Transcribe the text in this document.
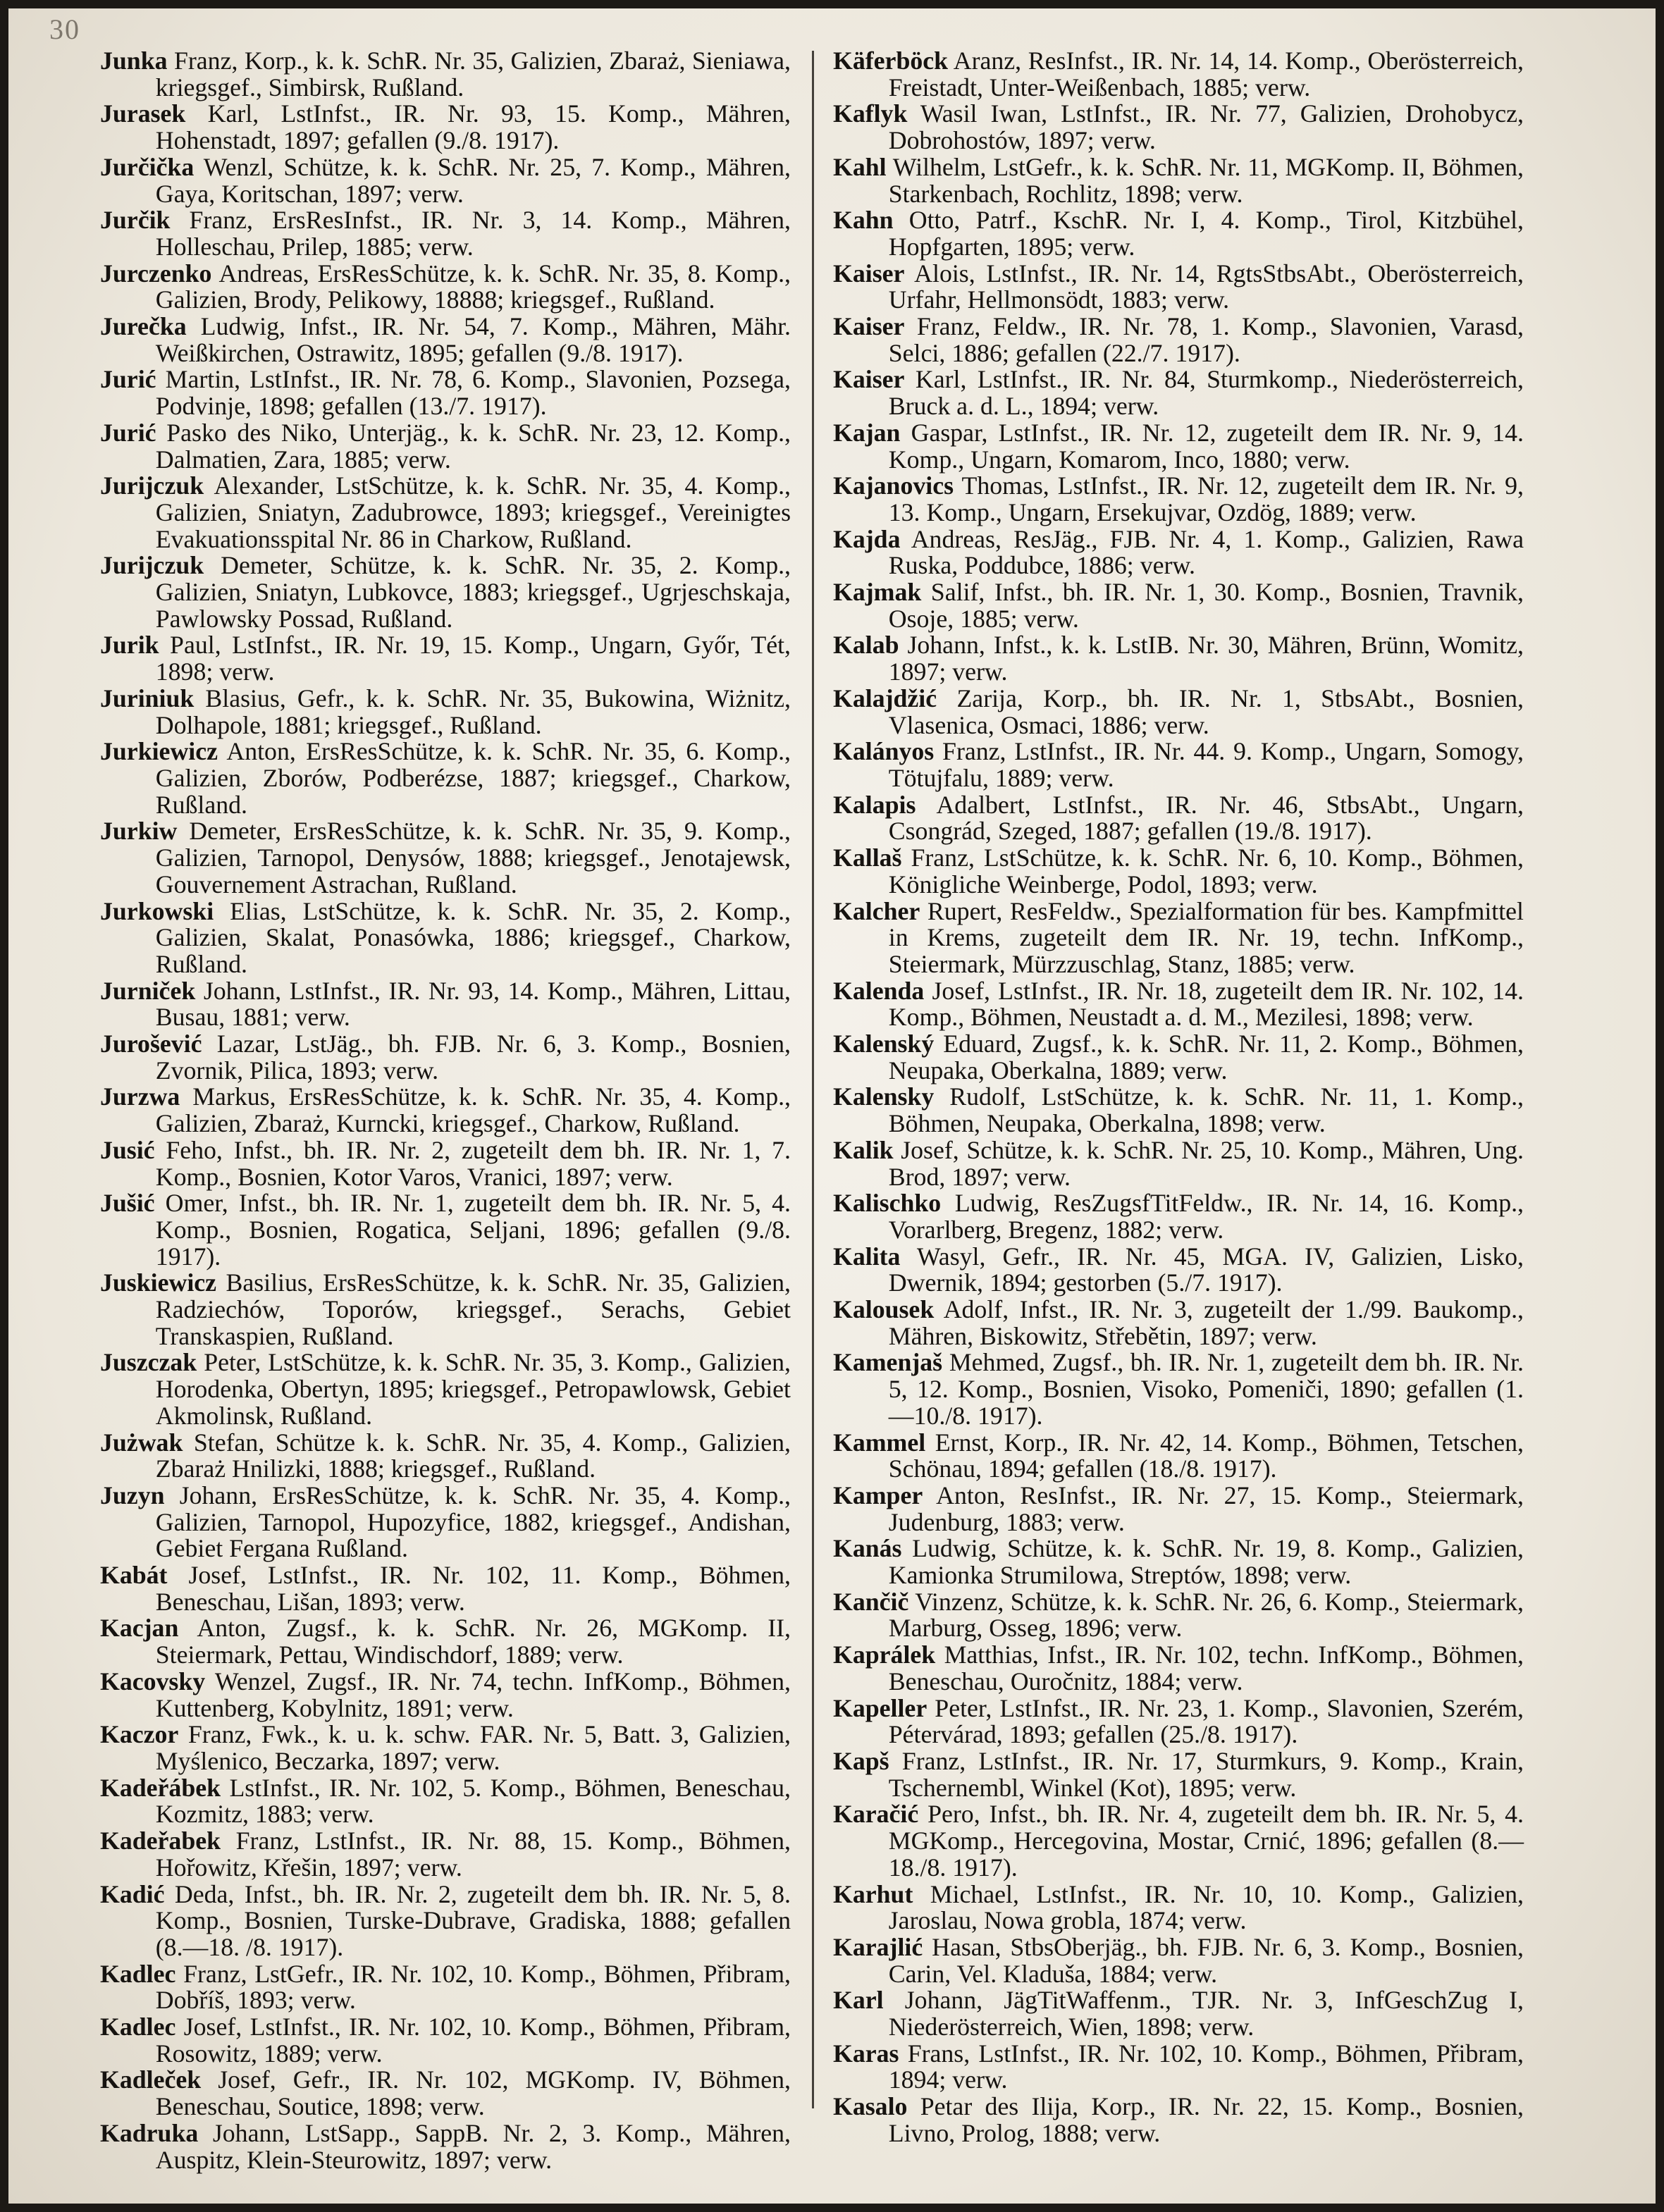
30

Junka Franz, Korp., k. k. SchR. Nr. 35, Galizien, Zbaraż, Sieniawa, kriegsgef., Simbirsk, Rußland.

Jurasek Karl, LstInfst., IR. Nr. 93, 15. Komp., Mähren, Hohenstadt, 1897; gefallen (9./8. 1917).

Jurčička Wenzl, Schütze, k. k. SchR. Nr. 25, 7. Komp., Mähren, Gaya, Koritschan, 1897; verw.

Jurčik Franz, ErsResInfst., IR. Nr. 3, 14. Komp., Mähren, Holleschau, Prilep, 1885; verw.

Jurczenko Andreas, ErsResSchütze, k. k. SchR. Nr. 35, 8. Komp., Galizien, Brody, Pelikowy, 18888; kriegsgef., Rußland.

Jurečka Ludwig, Infst., IR. Nr. 54, 7. Komp., Mähren, Mähr. Weißkirchen, Ostrawitz, 1895; gefallen (9./8. 1917).

Jurić Martin, LstInfst., IR. Nr. 78, 6. Komp., Slavonien, Pozsega, Podvinje, 1898; gefallen (13./7. 1917).

Jurić Pasko des Niko, Unterjäg., k. k. SchR. Nr. 23, 12. Komp., Dalmatien, Zara, 1885; verw.

Jurijczuk Alexander, LstSchütze, k. k. SchR. Nr. 35, 4. Komp., Galizien, Sniatyn, Zadubrowce, 1893; kriegsgef., Vereinigtes Evakuationsspital Nr. 86 in Charkow, Rußland.

Jurijczuk Demeter, Schütze, k. k. SchR. Nr. 35, 2. Komp., Galizien, Sniatyn, Lubkovce, 1883; kriegsgef., Ugrjeschskaja, Pawlowsky Possad, Rußland.

Jurik Paul, LstInfst., IR. Nr. 19, 15. Komp., Ungarn, Győr, Tét, 1898; verw.

Juriniuk Blasius, Gefr., k. k. SchR. Nr. 35, Bukowina, Wiżnitz, Dolhapole, 1881; kriegsgef., Rußland.

Jurkiewicz Anton, ErsResSchütze, k. k. SchR. Nr. 35, 6. Komp., Galizien, Zborów, Podberézse, 1887; kriegsgef., Charkow, Rußland.

Jurkiw Demeter, ErsResSchütze, k. k. SchR. Nr. 35, 9. Komp., Galizien, Tarnopol, Denysów, 1888; kriegsgef., Jenotajewsk, Gouvernement Astrachan, Rußland.

Jurkowski Elias, LstSchütze, k. k. SchR. Nr. 35, 2. Komp., Galizien, Skalat, Ponasówka, 1886; kriegsgef., Charkow, Rußland.

Jurniček Johann, LstInfst., IR. Nr. 93, 14. Komp., Mähren, Littau, Busau, 1881; verw.

Jurošević Lazar, LstJäg., bh. FJB. Nr. 6, 3. Komp., Bosnien, Zvornik, Pilica, 1893; verw.

Jurzwa Markus, ErsResSchütze, k. k. SchR. Nr. 35, 4. Komp., Galizien, Zbaraż, Kurncki, kriegsgef., Charkow, Rußland.

Jusić Feho, Infst., bh. IR. Nr. 2, zugeteilt dem bh. IR. Nr. 1, 7. Komp., Bosnien, Kotor Varos, Vranici, 1897; verw.

Jušić Omer, Infst., bh. IR. Nr. 1, zugeteilt dem bh. IR. Nr. 5, 4. Komp., Bosnien, Rogatica, Seljani, 1896; gefallen (9./8. 1917).

Juskiewicz Basilius, ErsResSchütze, k. k. SchR. Nr. 35, Galizien, Radziechów, Toporów, kriegsgef., Serachs, Gebiet Transkaspien, Rußland.

Juszczak Peter, LstSchütze, k. k. SchR. Nr. 35, 3. Komp., Galizien, Horodenka, Obertyn, 1895; kriegsgef., Petropawlowsk, Gebiet Akmolinsk, Rußland.

Jużwak Stefan, Schütze k. k. SchR. Nr. 35, 4. Komp., Galizien, Zbaraż Hnilizki, 1888; kriegsgef., Rußland.

Juzyn Johann, ErsResSchütze, k. k. SchR. Nr. 35, 4. Komp., Galizien, Tarnopol, Hupozyfice, 1882, kriegsgef., Andishan, Gebiet Fergana Rußland.

Kabát Josef, LstInfst., IR. Nr. 102, 11. Komp., Böhmen, Beneschau, Lišan, 1893; verw.

Kacjan Anton, Zugsf., k. k. SchR. Nr. 26, MGKomp. II, Steiermark, Pettau, Windischdorf, 1889; verw.

Kacovsky Wenzel, Zugsf., IR. Nr. 74, techn. InfKomp., Böhmen, Kuttenberg, Kobylnitz, 1891; verw.

Kaczor Franz, Fwk., k. u. k. schw. FAR. Nr. 5, Batt. 3, Galizien, Myślenico, Beczarka, 1897; verw.

Kadeřábek LstInfst., IR. Nr. 102, 5. Komp., Böhmen, Beneschau, Kozmitz, 1883; verw.

Kadeřabek Franz, LstInfst., IR. Nr. 88, 15. Komp., Böhmen, Hořowitz, Křešin, 1897; verw.

Kadić Deda, Infst., bh. IR. Nr. 2, zugeteilt dem bh. IR. Nr. 5, 8. Komp., Bosnien, Turske-Dubrave, Gradiska, 1888; gefallen (8.—18. /8. 1917).

Kadlec Franz, LstGefr., IR. Nr. 102, 10. Komp., Böhmen, Přibram, Dobříš, 1893; verw.

Kadlec Josef, LstInfst., IR. Nr. 102, 10. Komp., Böhmen, Přibram, Rosowitz, 1889; verw.

Kadleček Josef, Gefr., IR. Nr. 102, MGKomp. IV, Böhmen, Beneschau, Soutice, 1898; verw.

Kadruka Johann, LstSapp., SappB. Nr. 2, 3. Komp., Mähren, Auspitz, Klein-Steurowitz, 1897; verw.

Käferböck Aranz, ResInfst., IR. Nr. 14, 14. Komp., Oberösterreich, Freistadt, Unter-Weißenbach, 1885; verw.

Kaflyk Wasil Iwan, LstInfst., IR. Nr. 77, Galizien, Drohobycz, Dobrohostów, 1897; verw.

Kahl Wilhelm, LstGefr., k. k. SchR. Nr. 11, MGKomp. II, Böhmen, Starkenbach, Rochlitz, 1898; verw.

Kahn Otto, Patrf., KschR. Nr. I, 4. Komp., Tirol, Kitzbühel, Hopfgarten, 1895; verw.

Kaiser Alois, LstInfst., IR. Nr. 14, RgtsStbsAbt., Oberösterreich, Urfahr, Hellmonsödt, 1883; verw.

Kaiser Franz, Feldw., IR. Nr. 78, 1. Komp., Slavonien, Varasd, Selci, 1886; gefallen (22./7. 1917).

Kaiser Karl, LstInfst., IR. Nr. 84, Sturmkomp., Niederösterreich, Bruck a. d. L., 1894; verw.

Kajan Gaspar, LstInfst., IR. Nr. 12, zugeteilt dem IR. Nr. 9, 14. Komp., Ungarn, Komarom, Inco, 1880; verw.

Kajanovics Thomas, LstInfst., IR. Nr. 12, zugeteilt dem IR. Nr. 9, 13. Komp., Ungarn, Ersekujvar, Ozdög, 1889; verw.

Kajda Andreas, ResJäg., FJB. Nr. 4, 1. Komp., Galizien, Rawa Ruska, Poddubce, 1886; verw.

Kajmak Salif, Infst., bh. IR. Nr. 1, 30. Komp., Bosnien, Travnik, Osoje, 1885; verw.

Kalab Johann, Infst., k. k. LstIB. Nr. 30, Mähren, Brünn, Womitz, 1897; verw.

Kalajdžić Zarija, Korp., bh. IR. Nr. 1, StbsAbt., Bosnien, Vlasenica, Osmaci, 1886; verw.

Kalányos Franz, LstInfst., IR. Nr. 44. 9. Komp., Ungarn, Somogy, Tötujfalu, 1889; verw.

Kalapis Adalbert, LstInfst., IR. Nr. 46, StbsAbt., Ungarn, Csongrád, Szeged, 1887; gefallen (19./8. 1917).

Kallaš Franz, LstSchütze, k. k. SchR. Nr. 6, 10. Komp., Böhmen, Königliche Weinberge, Podol, 1893; verw.

Kalcher Rupert, ResFeldw., Spezialformation für bes. Kampfmittel in Krems, zugeteilt dem IR. Nr. 19, techn. InfKomp., Steiermark, Mürzzuschlag, Stanz, 1885; verw.

Kalenda Josef, LstInfst., IR. Nr. 18, zugeteilt dem IR. Nr. 102, 14. Komp., Böhmen, Neustadt a. d. M., Mezilesi, 1898; verw.

Kalenský Eduard, Zugsf., k. k. SchR. Nr. 11, 2. Komp., Böhmen, Neupaka, Oberkalna, 1889; verw.

Kalensky Rudolf, LstSchütze, k. k. SchR. Nr. 11, 1. Komp., Böhmen, Neupaka, Oberkalna, 1898; verw.

Kalik Josef, Schütze, k. k. SchR. Nr. 25, 10. Komp., Mähren, Ung. Brod, 1897; verw.

Kalischko Ludwig, ResZugsfTitFeldw., IR. Nr. 14, 16. Komp., Vorarlberg, Bregenz, 1882; verw.

Kalita Wasyl, Gefr., IR. Nr. 45, MGA. IV, Galizien, Lisko, Dwernik, 1894; gestorben (5./7. 1917).

Kalousek Adolf, Infst., IR. Nr. 3, zugeteilt der 1./99. Baukomp., Mähren, Biskowitz, Střebětin, 1897; verw.

Kamenjaš Mehmed, Zugsf., bh. IR. Nr. 1, zugeteilt dem bh. IR. Nr. 5, 12. Komp., Bosnien, Visoko, Pomeniči, 1890; gefallen (1.—10./8. 1917).

Kammel Ernst, Korp., IR. Nr. 42, 14. Komp., Böhmen, Tetschen, Schönau, 1894; gefallen (18./8. 1917).

Kamper Anton, ResInfst., IR. Nr. 27, 15. Komp., Steiermark, Judenburg, 1883; verw.

Kanás Ludwig, Schütze, k. k. SchR. Nr. 19, 8. Komp., Galizien, Kamionka Strumilowa, Streptów, 1898; verw.

Kančič Vinzenz, Schütze, k. k. SchR. Nr. 26, 6. Komp., Steiermark, Marburg, Osseg, 1896; verw.

Kaprálek Matthias, Infst., IR. Nr. 102, techn. InfKomp., Böhmen, Beneschau, Ouročnitz, 1884; verw.

Kapeller Peter, LstInfst., IR. Nr. 23, 1. Komp., Slavonien, Szerém, Pétervárad, 1893; gefallen (25./8. 1917).

Kapš Franz, LstInfst., IR. Nr. 17, Sturmkurs, 9. Komp., Krain, Tschernembl, Winkel (Kot), 1895; verw.

Karačić Pero, Infst., bh. IR. Nr. 4, zugeteilt dem bh. IR. Nr. 5, 4. MGKomp., Hercegovina, Mostar, Crnić, 1896; gefallen (8.—18./8. 1917).

Karhut Michael, LstInfst., IR. Nr. 10, 10. Komp., Galizien, Jaroslau, Nowa grobla, 1874; verw.

Karajlić Hasan, StbsOberjäg., bh. FJB. Nr. 6, 3. Komp., Bosnien, Carin, Vel. Kladuša, 1884; verw.

Karl Johann, JägTitWaffenm., TJR. Nr. 3, InfGeschZug I, Niederösterreich, Wien, 1898; verw.

Karas Frans, LstInfst., IR. Nr. 102, 10. Komp., Böhmen, Přibram, 1894; verw.

Kasalo Petar des Ilija, Korp., IR. Nr. 22, 15. Komp., Bosnien, Livno, Prolog, 1888; verw.
